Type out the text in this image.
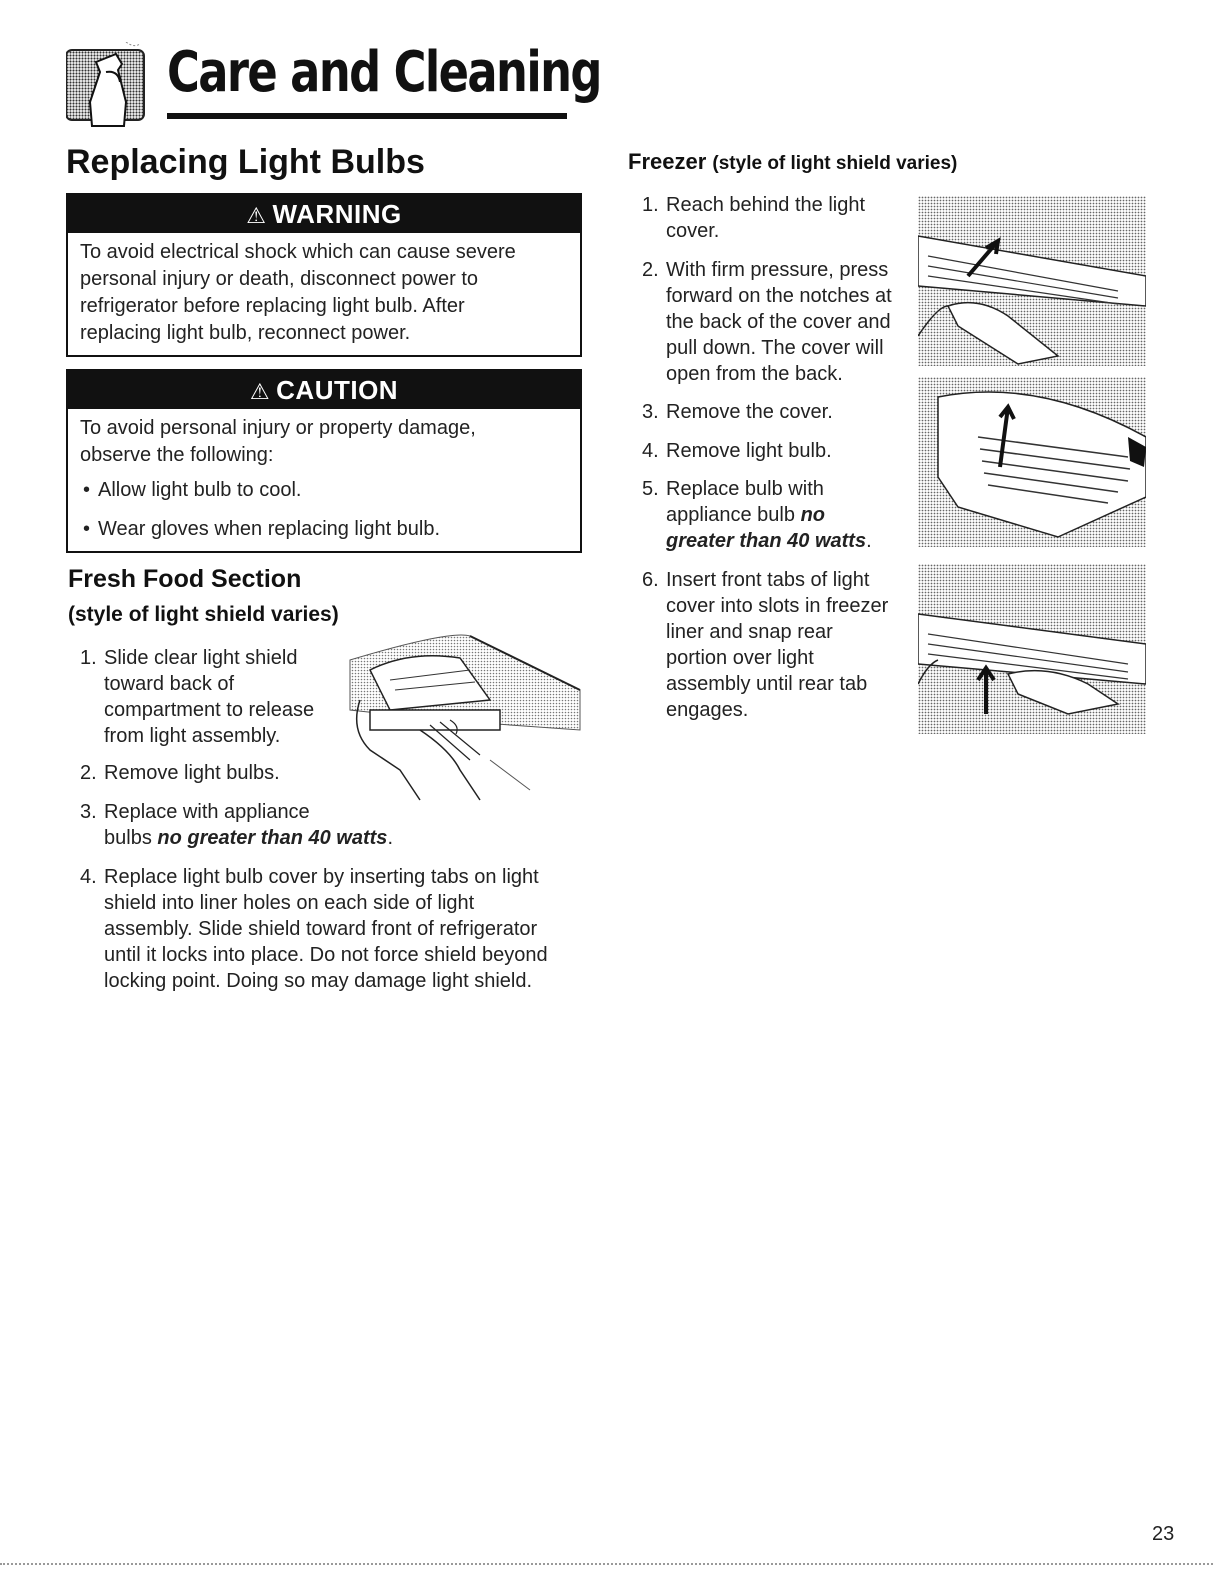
Care and Cleaning
Replacing Light Bulbs
⚠ WARNING
To avoid electrical shock which can cause severe
personal injury or death, disconnect power to
refrigerator before replacing light bulb. After
replacing light bulb, reconnect power.
⚠ CAUTION
To avoid personal injury or property damage,
observe the following:
• Allow light bulb to cool.
• Wear gloves when replacing light bulb.
Fresh Food Section
(style of light shield varies)
1. Slide clear light shield
toward back of
compartment to release
from light assembly.
2. Remove light bulbs.
3. Replace with appliance
bulbs no greater than 40 watts.
4. Replace light bulb cover by inserting tabs on light
shield into liner holes on each side of light
assembly. Slide shield toward front of refrigerator
until it locks into place. Do not force shield beyond
locking point. Doing so may damage light shield.
Freezer (style of light shield varies)
1. Reach behind the light
cover.
2. With firm pressure, press
forward on the notches at
the back of the cover and
pull down. The cover will
open from the back.
3. Remove the cover.
4. Remove light bulb.
5. Replace bulb with
appliance bulb no
greater than 40 watts.
6. Insert front tabs of light
cover into slots in freezer
liner and snap rear
portion over light
assembly until rear tab
engages.
23
